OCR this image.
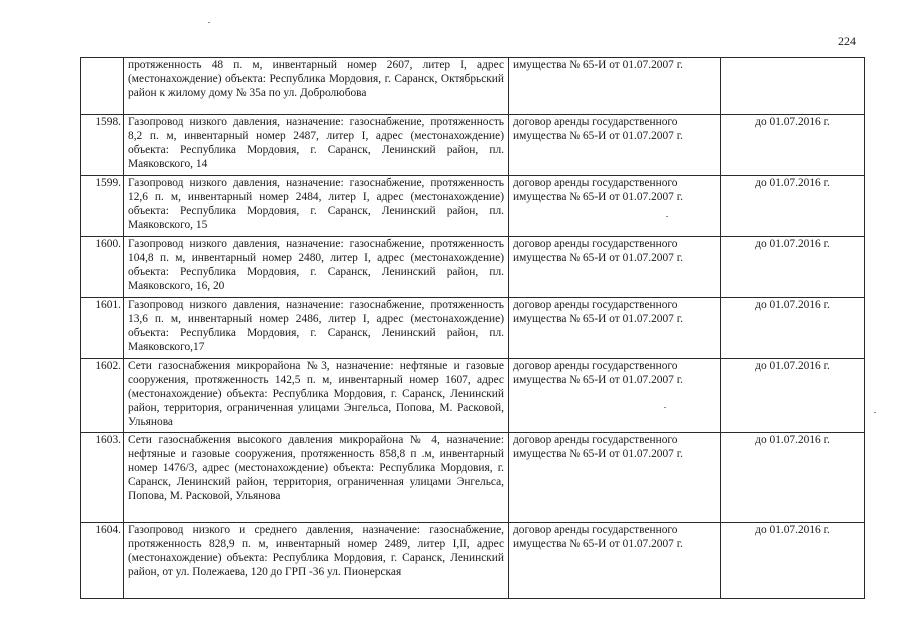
224
	протяженность 48 п. м, инвентарный номер 2607, литер I, адрес (местонахождение) объекта: Республика Мордовия, г. Саранск, Октябрьский район к жилому дому № 35а по ул. Добролюбова	имущества № 65-И от 01.07.2007 г.	
1598.	Газопровод низкого давления, назначение: газоснабжение, протяженность 8,2 п. м, инвентарный номер 2487, литер I, адрес (местонахождение) объекта: Республика Мордовия, г. Саранск, Ленинский район, пл. Маяковского, 14	договор аренды государственного имущества № 65-И от 01.07.2007 г.	до 01.07.2016 г.
1599.	Газопровод низкого давления, назначение: газоснабжение, протяженность 12,6 п. м, инвентарный номер 2484, литер I, адрес (местонахождение) объекта: Республика Мордовия, г. Саранск, Ленинский район, пл. Маяковского, 15	договор аренды государственного имущества № 65-И от 01.07.2007 г.	до 01.07.2016 г.
1600.	Газопровод низкого давления, назначение: газоснабжение, протяженность 104,8 п. м, инвентарный номер 2480, литер I, адрес (местонахождение) объекта: Республика Мордовия, г. Саранск, Ленинский район, пл. Маяковского, 16, 20	договор аренды государственного имущества № 65-И от 01.07.2007 г.	до 01.07.2016 г.
1601.	Газопровод низкого давления, назначение: газоснабжение, протяженность 13,6 п. м, инвентарный номер 2486, литер I, адрес (местонахождение) объекта: Республика Мордовия, г. Саранск, Ленинский район, пл. Маяковского,17	договор аренды государственного имущества № 65-И от 01.07.2007 г.	до 01.07.2016 г.
1602.	Сети газоснабжения микрорайона №3, назначение: нефтяные и газовые сооружения, протяженность 142,5 п. м, инвентарный номер 1607, адрес (местонахождение) объекта: Республика Мордовия, г. Саранск, Ленинский район, территория, ограниченная улицами Энгельса, Попова, М. Расковой, Ульянова	договор аренды государственного имущества № 65-И от 01.07.2007 г.	до 01.07.2016 г.
1603.	Сети газоснабжения высокого давления микрорайона № 4, назначение: нефтяные и газовые сооружения, протяженность 858,8 п .м, инвентарный номер 1476/3, адрес (местонахождение) объекта: Республика Мордовия, г. Саранск, Ленинский район, территория, ограниченная улицами Энгельса, Попова, М. Расковой, Ульянова	договор аренды государственного имущества № 65-И от 01.07.2007 г.	до 01.07.2016 г.
1604.	Газопровод низкого и среднего давления, назначение: газоснабжение, протяженность 828,9 п. м, инвентарный номер 2489, литер I,II, адрес (местонахождение) объекта: Республика Мордовия, г. Саранск, Ленинский район, от ул. Полежаева, 120 до ГРП -36 ул. Пионерская	договор аренды государственного имущества № 65-И от 01.07.2007 г.	до 01.07.2016 г.
